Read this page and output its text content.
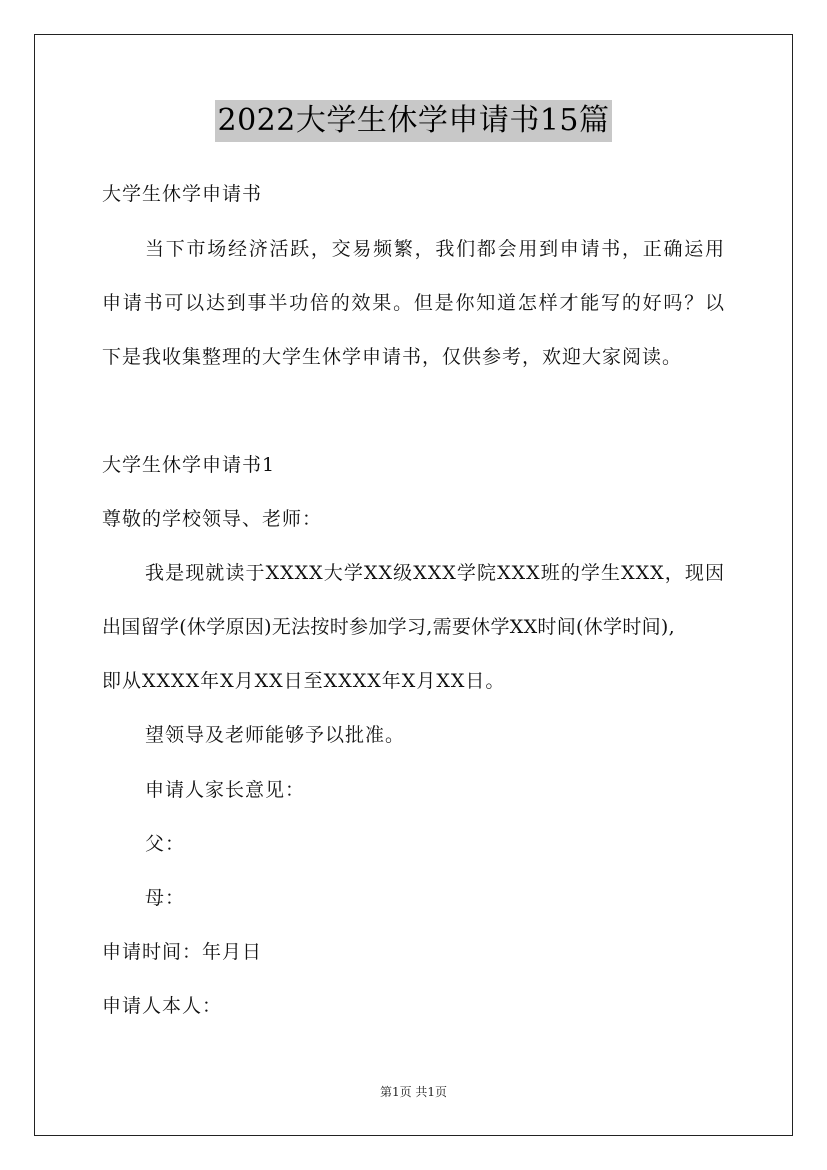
2022大学生休学申请书15篇
大学生休学申请书
当下市场经济活跃，交易频繁，我们都会用到申请书，正确运用
申请书可以达到事半功倍的效果。但是你知道怎样才能写的好吗？以
下是我收集整理的大学生休学申请书，仅供参考，欢迎大家阅读。
大学生休学申请书1
尊敬的学校领导、老师：
我是现就读于XXXX大学XX级XXX学院XXX班的学生XXX，现因
出国留学(休学原因)无法按时参加学习,需要休学XX时间(休学时间),
即从XXXX年X月XX日至XXXX年X月XX日。
望领导及老师能够予以批准。
申请人家长意见：
父：
母：
申请时间：年月日
申请人本人：
第1页 共1页
